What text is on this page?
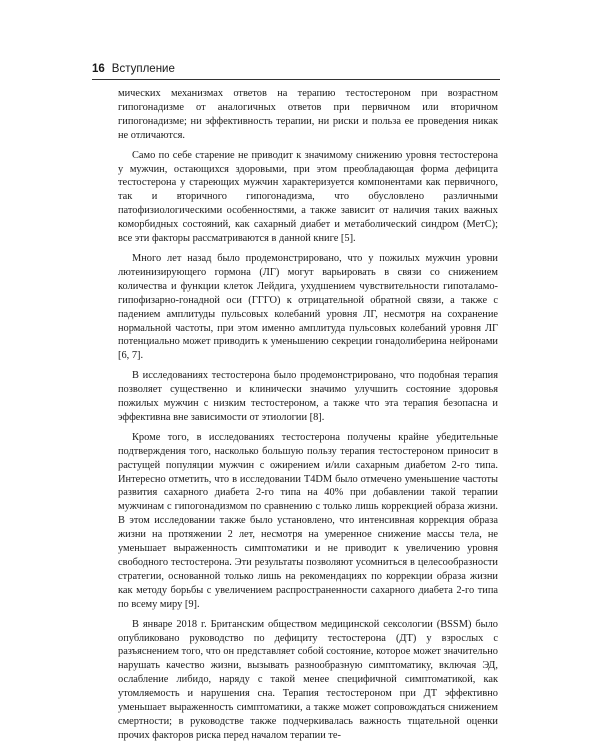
16 Вступление

мических механизмах ответов на терапию тестостероном при возрастном гипогонадизме от аналогичных ответов при первичном или вторичном гипогонадизме; ни эффективность терапии, ни риски и польза ее проведения никак не отличаются.

Само по себе старение не приводит к значимому снижению уровня тестостерона у мужчин, остающихся здоровыми, при этом преобладающая форма дефицита тестостерона у стареющих мужчин характеризуется компонентами как первичного, так и вторичного гипогонадизма, что обусловлено различными патофизиологическими особенностями, а также зависит от наличия таких важных коморбидных состояний, как сахарный диабет и метаболический синдром (МетС); все эти факторы рассматриваются в данной книге [5].

Много лет назад было продемонстрировано, что у пожилых мужчин уровни лютеинизирующего гормона (ЛГ) могут варьировать в связи со снижением количества и функции клеток Лейдига, ухудшением чувствительности гипоталамо-гипофизарно-гонадной оси (ГГГО) к отрицательной обратной связи, а также с падением амплитуды пульсовых колебаний уровня ЛГ, несмотря на сохранение нормальной частоты, при этом именно амплитуда пульсовых колебаний уровня ЛГ потенциально может приводить к уменьшению секреции гонадолиберина нейронами [6, 7].

В исследованиях тестостерона было продемонстрировано, что подобная терапия позволяет существенно и клинически значимо улучшить состояние здоровья пожилых мужчин с низким тестостероном, а также что эта терапия безопасна и эффективна вне зависимости от этиологии [8].

Кроме того, в исследованиях тестостерона получены крайне убедительные подтверждения того, насколько большую пользу терапия тестостероном приносит в растущей популяции мужчин с ожирением и/или сахарным диабетом 2-го типа. Интересно отметить, что в исследовании T4DM было отмечено уменьшение частоты развития сахарного диабета 2-го типа на 40% при добавлении такой терапии мужчинам с гипогонадизмом по сравнению с только лишь коррекцией образа жизни. В этом исследовании также было установлено, что интенсивная коррекция образа жизни на протяжении 2 лет, несмотря на умеренное снижение массы тела, не уменьшает выраженность симптоматики и не приводит к увеличению уровня свободного тестостерона. Эти результаты позволяют усомниться в целесообразности стратегии, основанной только лишь на рекомендациях по коррекции образа жизни как методу борьбы с увеличением распространенности сахарного диабета 2-го типа по всему миру [9].

В январе 2018 г. Британским обществом медицинской сексологии (BSSM) было опубликовано руководство по дефициту тестостерона (ДТ) у взрослых с разъяснением того, что он представляет собой состояние, которое может значительно нарушать качество жизни, вызывать разнообразную симптоматику, включая ЭД, ослабление либидо, наряду с такой менее специфичной симптоматикой, как утомляемость и нарушения сна. Терапия тестостероном при ДТ эффективно уменьшает выраженность симптоматики, а также может сопровождаться снижением смертности; в руководстве также подчеркивалась важность тщательной оценки прочих факторов риска перед началом терапии те-
